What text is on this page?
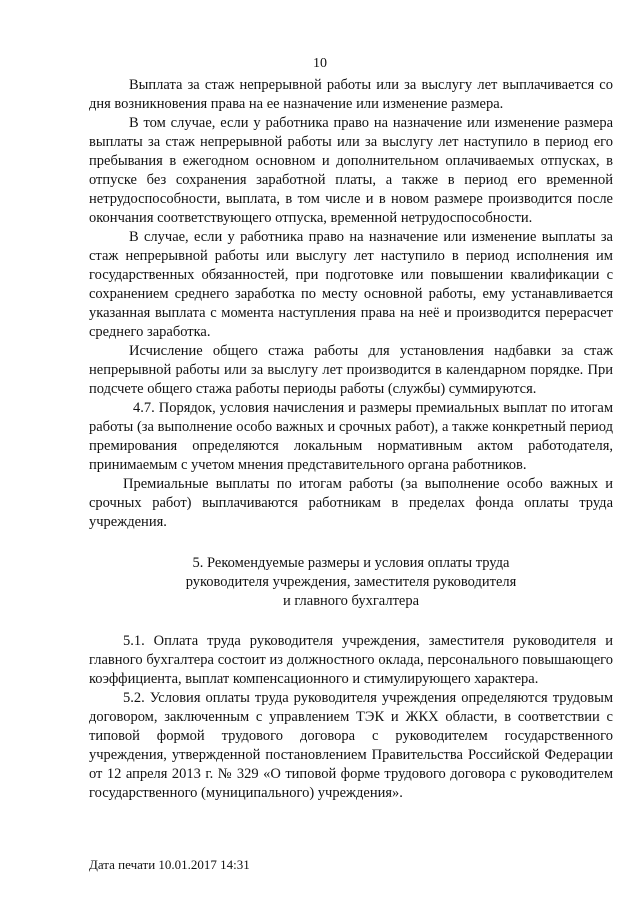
10

Выплата за стаж непрерывной работы или за выслугу лет выплачивается со дня возникновения права на ее назначение или изменение размера.

В том случае, если у работника право на назначение или изменение размера выплаты за стаж непрерывной работы или за выслугу лет наступило в период его пребывания в ежегодном основном и дополнительном оплачиваемых отпусках, в отпуске без сохранения заработной платы, а также в период его временной нетрудоспособности, выплата, в том числе и в новом размере производится после окончания соответствующего отпуска, временной нетрудоспособности.

В случае, если у работника право на назначение или изменение выплаты за стаж непрерывной работы или выслугу лет наступило в период исполнения им государственных обязанностей, при подготовке или повышении квалификации с сохранением среднего заработка по месту основной работы, ему устанавливается указанная выплата с момента наступления права на неё и производится перерасчет среднего заработка.

Исчисление общего стажа работы для установления надбавки за стаж непрерывной работы или за выслугу лет производится в календарном порядке. При подсчете общего стажа работы периоды работы (службы) суммируются.

4.7. Порядок, условия начисления и размеры премиальных выплат по итогам работы (за выполнение особо важных и срочных работ), а также конкретный период премирования определяются локальным нормативным актом работодателя, принимаемым с учетом мнения представительного органа работников.

Премиальные выплаты по итогам работы (за выполнение особо важных и срочных работ) выплачиваются работникам в пределах фонда оплаты труда учреждения.

5. Рекомендуемые размеры и условия оплаты труда
руководителя учреждения, заместителя руководителя
и главного бухгалтера

5.1. Оплата труда руководителя учреждения, заместителя руководителя и главного бухгалтера состоит из должностного оклада, персонального повышающего коэффициента, выплат компенсационного и стимулирующего характера.

5.2. Условия оплаты труда руководителя учреждения определяются трудовым договором, заключенным с управлением ТЭК и ЖКХ области, в соответствии с типовой формой трудового договора с руководителем государственного учреждения, утвержденной постановлением Правительства Российской Федерации от 12 апреля 2013 г. № 329 «О типовой форме трудового договора с руководителем государственного (муниципального) учреждения».

Дата печати 10.01.2017 14:31
